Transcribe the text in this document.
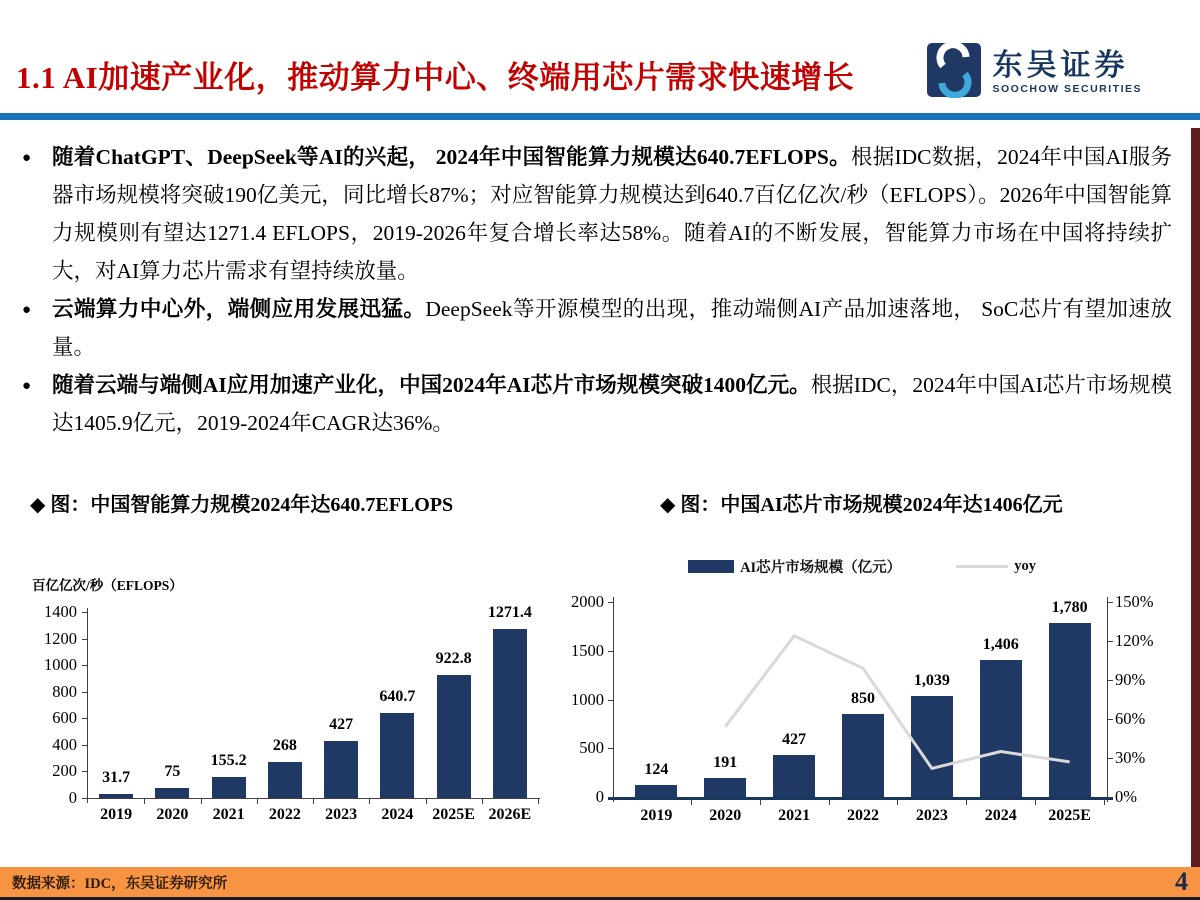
1.1 AI加速产业化，推动算力中心、终端用芯片需求快速增长	东吴证券
SOOCHOW SECURITIES
● 随着ChatGPT、DeepSeek等AI的兴起， 2024年中国智能算力规模达640.7EFLOPS。根据IDC数据，2024年中国AI服务器市场规模将突破190亿美元，同比增长87%；对应智能算力规模达到640.7百亿亿次/秒（EFLOPS）。2026年中国智能算力规模则有望达1271.4 EFLOPS，2019-2026年复合增长率达58%。随着AI的不断发展，智能算力市场在中国将持续扩大，对AI算力芯片需求有望持续放量。
● 云端算力中心外，端侧应用发展迅猛。DeepSeek等开源模型的出现，推动端侧AI产品加速落地， SoC芯片有望加速放量。
● 随着云端与端侧AI应用加速产业化，中国2024年AI芯片市场规模突破1400亿元。根据IDC，2024年中国AI芯片市场规模达1405.9亿元，2019-2024年CAGR达36%。
◆ 图：中国智能算力规模2024年达640.7EFLOPS	◆ 图：中国AI芯片市场规模2024年达1406亿元
百亿亿次/秒（EFLOPS）
0
200
400
600
800
1000
1200
1400
31.7
2019
75
2020
155.2
2021
268
2022
427
2023
640.7
2024
922.8
2025E
1271.4
2026E
AI芯片市场规模（亿元）	yoy
0
500
1000
1500
2000
0%
30%
60%
90%
120%
150%
124
2019
191
2020
427
2021
850
2022
1,039
2023
1,406
2024
1,780
2025E
数据来源：IDC，东吴证券研究所	4
